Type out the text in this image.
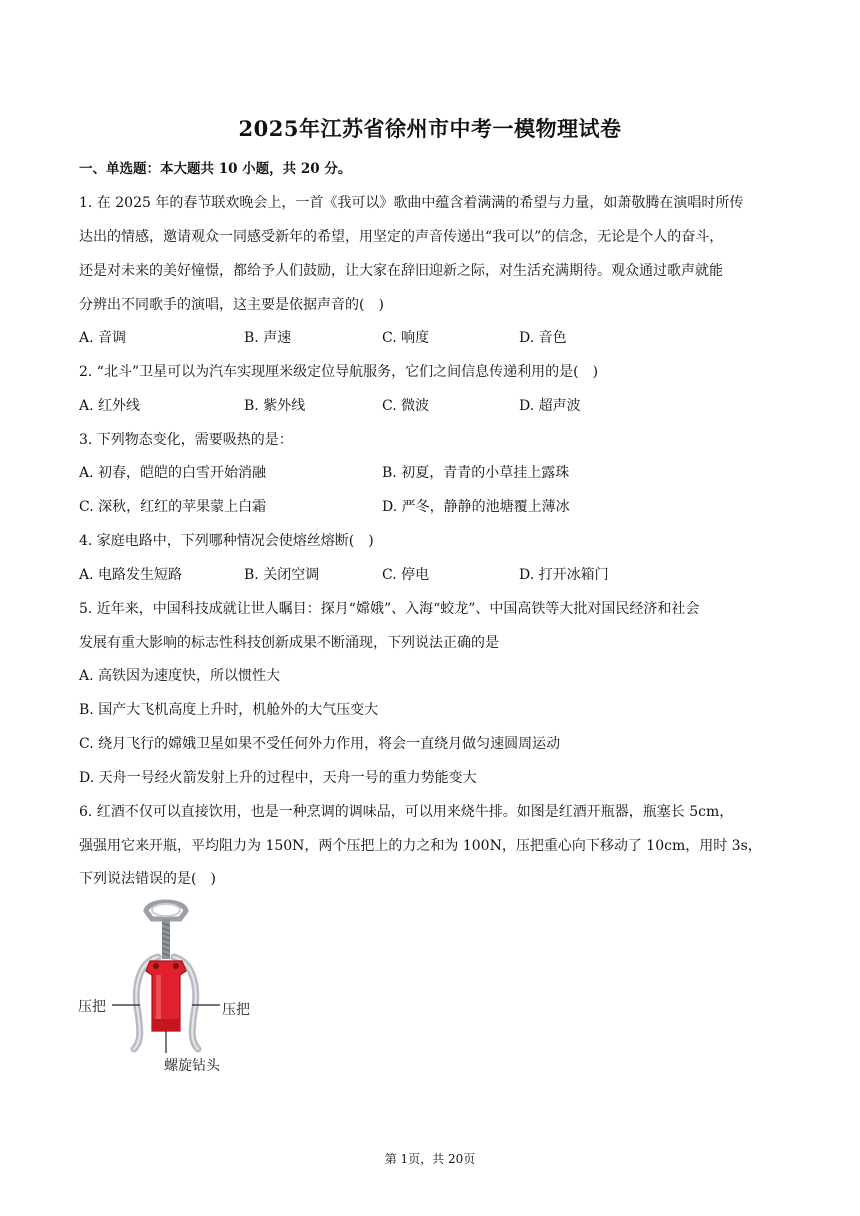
2025年江苏省徐州市中考一模物理试卷
一、单选题：本大题共 10 小题，共 20 分。
1. 在 2025 年的春节联欢晚会上，一首《我可以》歌曲中蕴含着满满的希望与力量，如萧敬腾在演唱时所传
达出的情感，邀请观众一同感受新年的希望，用坚定的声音传递出“我可以”的信念，无论是个人的奋斗，
还是对未来的美好憧憬，都给予人们鼓励，让大家在辞旧迎新之际，对生活充满期待。观众通过歌声就能
分辨出不同歌手的演唱，这主要是依据声音的(　)
A. 音调	B. 声速	C. 响度	D. 音色
2. “北斗”卫星可以为汽车实现厘米级定位导航服务，它们之间信息传递利用的是(　)
A. 红外线	B. 紫外线	C. 微波	D. 超声波
3. 下列物态变化，需要吸热的是：
A. 初春，皑皑的白雪开始消融	B. 初夏，青青的小草挂上露珠
C. 深秋，红红的苹果蒙上白霜	D. 严冬，静静的池塘覆上薄冰
4. 家庭电路中，下列哪种情况会使熔丝熔断(　)
A. 电路发生短路	B. 关闭空调	C. 停电	D. 打开冰箱门
5. 近年来，中国科技成就让世人瞩目：探月“嫦娥”、入海“蛟龙”、中国高铁等大批对国民经济和社会
发展有重大影响的标志性科技创新成果不断涌现，下列说法正确的是
A. 高铁因为速度快，所以惯性大
B. 国产大飞机高度上升时，机舱外的大气压变大
C. 绕月飞行的嫦娥卫星如果不受任何外力作用，将会一直绕月做匀速圆周运动
D. 天舟一号经火箭发射上升的过程中，天舟一号的重力势能变大
6. 红酒不仅可以直接饮用，也是一种烹调的调味品，可以用来烧牛排。如图是红酒开瓶器，瓶塞长 5cm，
强强用它来开瓶，平均阻力为 150N，两个压把上的力之和为 100N，压把重心向下移动了 10cm，用时 3s，
下列说法错误的是(　)
压把	压把
螺旋钻头
第 1页，共 20页
